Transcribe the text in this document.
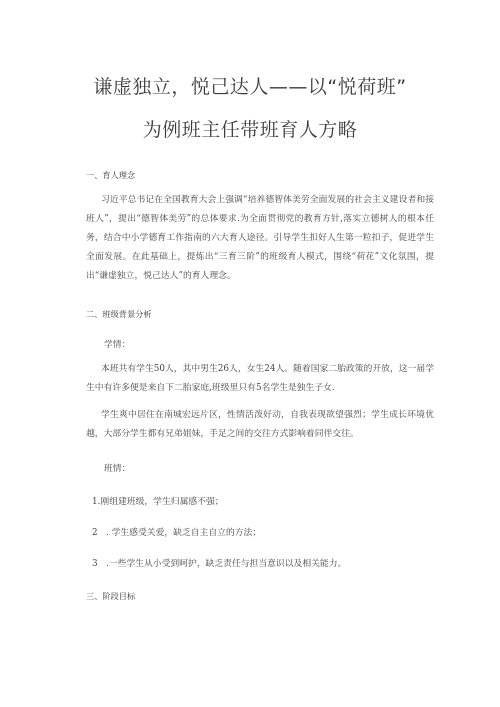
谦虚独立，悦己达人——以“悦荷班”
为例班主任带班育人方略
一、育人理念
习近平总书记在全国教育大会上强调“培养德智体美劳全面发展的社会主义建设者和接班人”，提出“德智体美劳”的总体要求.为全面贯彻党的教育方针,落实立德树人的根本任务，结合中小学德育工作指南的六大育人途径。引导学生扣好人生第一粒扣子，促进学生全面发展。在此基础上，提炼出“三育三阶”的班级育人模式，围绕“荷花”文化氛围，提出“谦虚独立，悦己达人”的育人理念。
二、班级背景分析
学情：
本班共有学生50人，其中男生26人，女生24人。随着国家二胎政策的开放，这一届学生中有许多便是来自下二胎家庭,班级里只有5名学生是独生子女.
学生爽中居住在南城宏远片区，性情活泼好动，自我表现欲望强烈；学生成长环境优越，大部分学生都有兄弟姐妹，手足之间的交往方式影响着同伴交往。
班情：
1.刚组建班级，学生归属感不强；
2   . 学生感受关爱，缺乏自主自立的方法；
3   .一些学生从小受到呵护，缺乏责任与担当意识以及相关能力。
三、阶段目标
